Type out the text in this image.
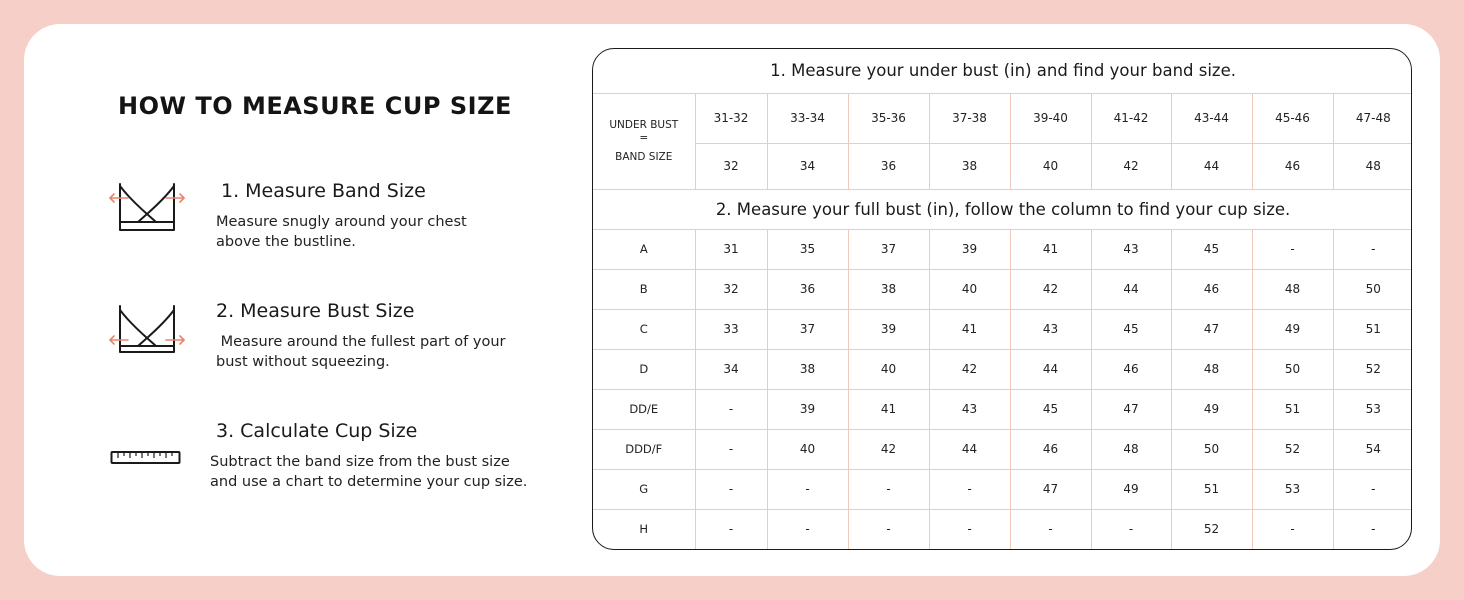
HOW TO MEASURE CUP SIZE
1. Measure Band Size
Measure snugly around your chest
above the bustline.
2. Measure Bust Size
Measure around the fullest part of your
bust without squeezing.
3. Calculate Cup Size
Subtract the band size from the bust size
and use a chart to determine your cup size.
1. Measure your under bust (in) and find your band size.									

UNDER BUST
=
BAND SIZE	31-32	33-34	35-36	37-38	39-40	41-42	43-44	45-46	47-48
	32	34	36	38	40	42	44	46	48
2. Measure your full bust (in), follow the column to find your cup size.									
A	31	35	37	39	41	43	45	-	-
B	32	36	38	40	42	44	46	48	50
C	33	37	39	41	43	45	47	49	51
D	34	38	40	42	44	46	48	50	52
DD/E	-	39	41	43	45	47	49	51	53
DDD/F	-	40	42	44	46	48	50	52	54
G	-	-	-	-	47	49	51	53	-
H	-	-	-	-	-	-	52	-	-
